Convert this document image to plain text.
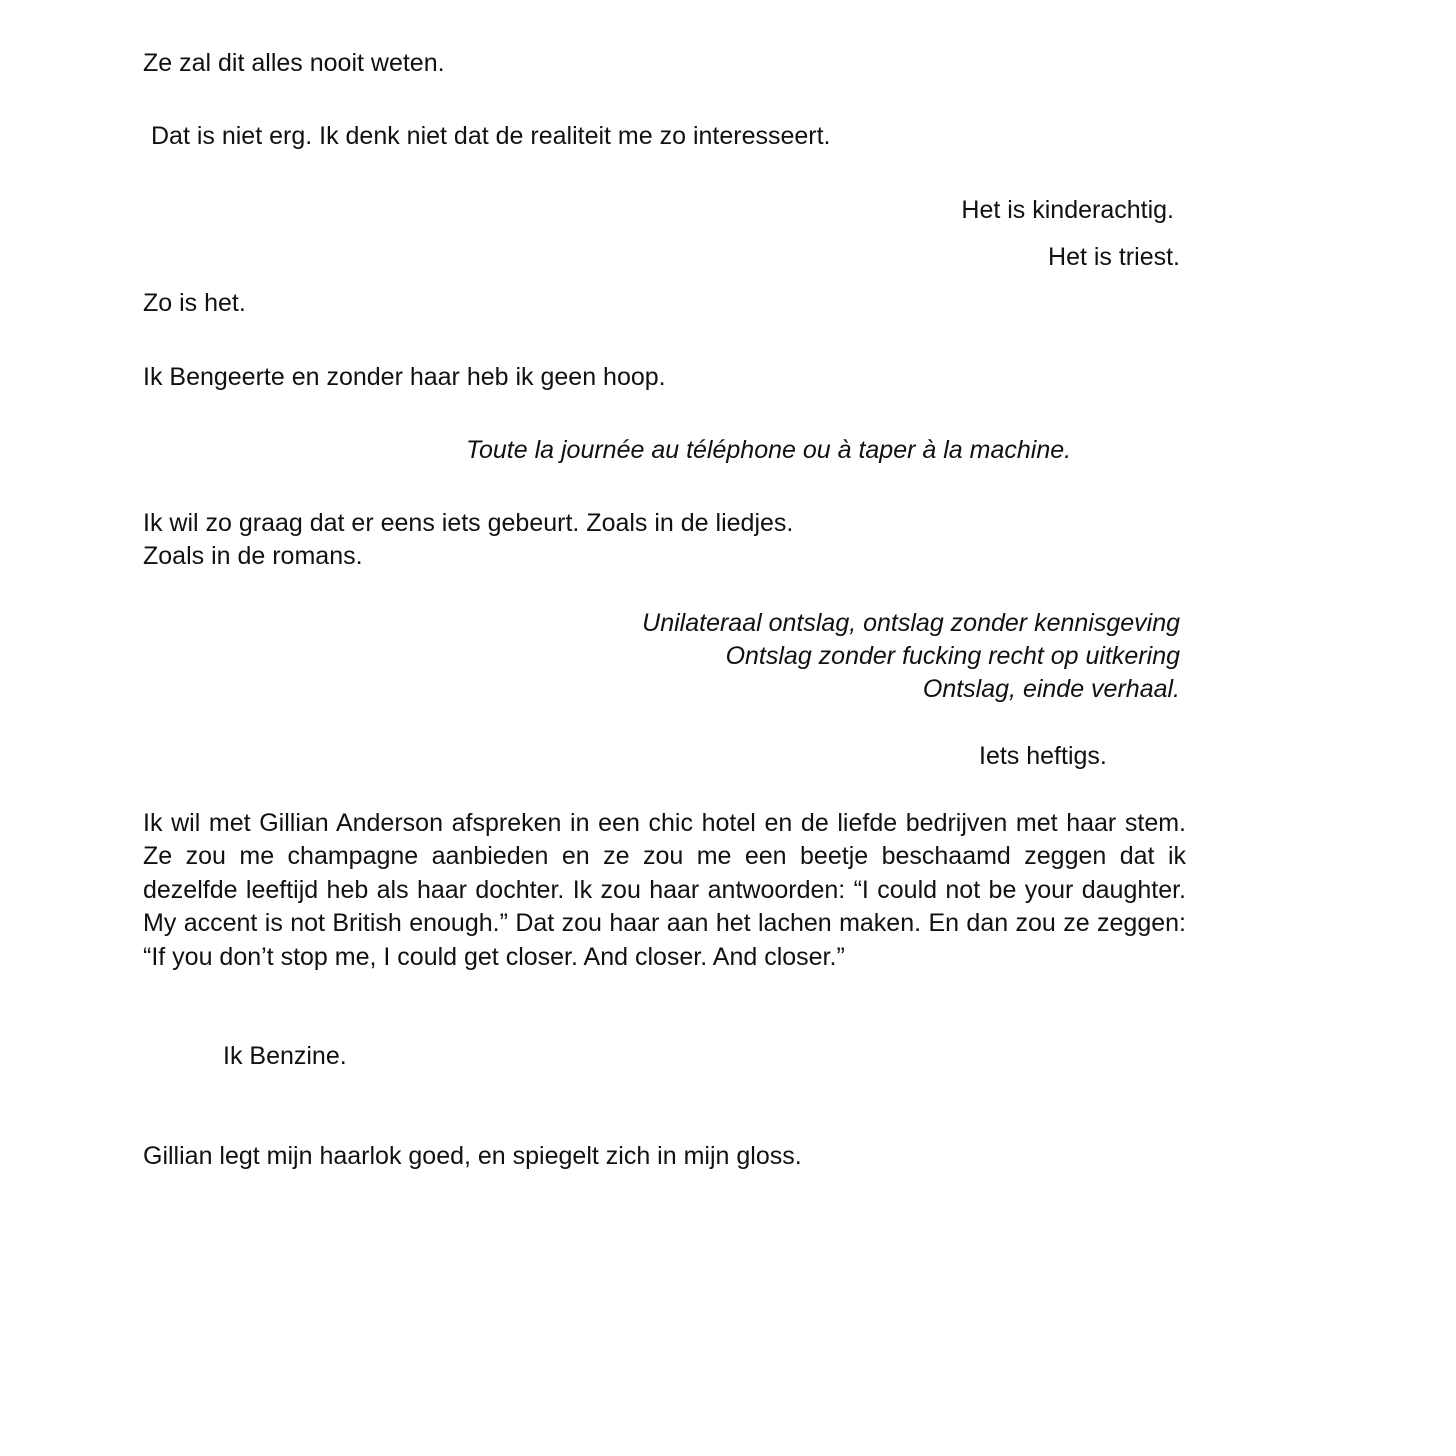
Ze zal dit alles nooit weten.

Dat is niet erg. Ik denk niet dat de realiteit me zo interesseert.

Het is kinderachtig.

Het is triest.

Zo is het.

Ik Bengeerte en zonder haar heb ik geen hoop.

Toute la journée au téléphone ou à taper à la machine.

Ik wil zo graag dat er eens iets gebeurt. Zoals in de liedjes.
Zoals in de romans.
Unilateraal ontslag, ontslag zonder kennisgeving
Ontslag zonder fucking recht op uitkering
Ontslag, einde verhaal.

Iets heftigs.

Ik wil met Gillian Anderson afspreken in een chic hotel en de liefde bedrijven met haar stem. Ze zou me champagne aanbieden en ze zou me een beetje beschaamd zeggen dat ik dezelfde leeftijd heb als haar dochter. Ik zou haar antwoorden: “I could not be your daughter. My accent is not British enough.” Dat zou haar aan het lachen maken. En dan zou ze zeggen: “If you don’t stop me, I could get closer. And closer. And closer.”

Ik Benzine.

Gillian legt mijn haarlok goed, en spiegelt zich in mijn gloss.
